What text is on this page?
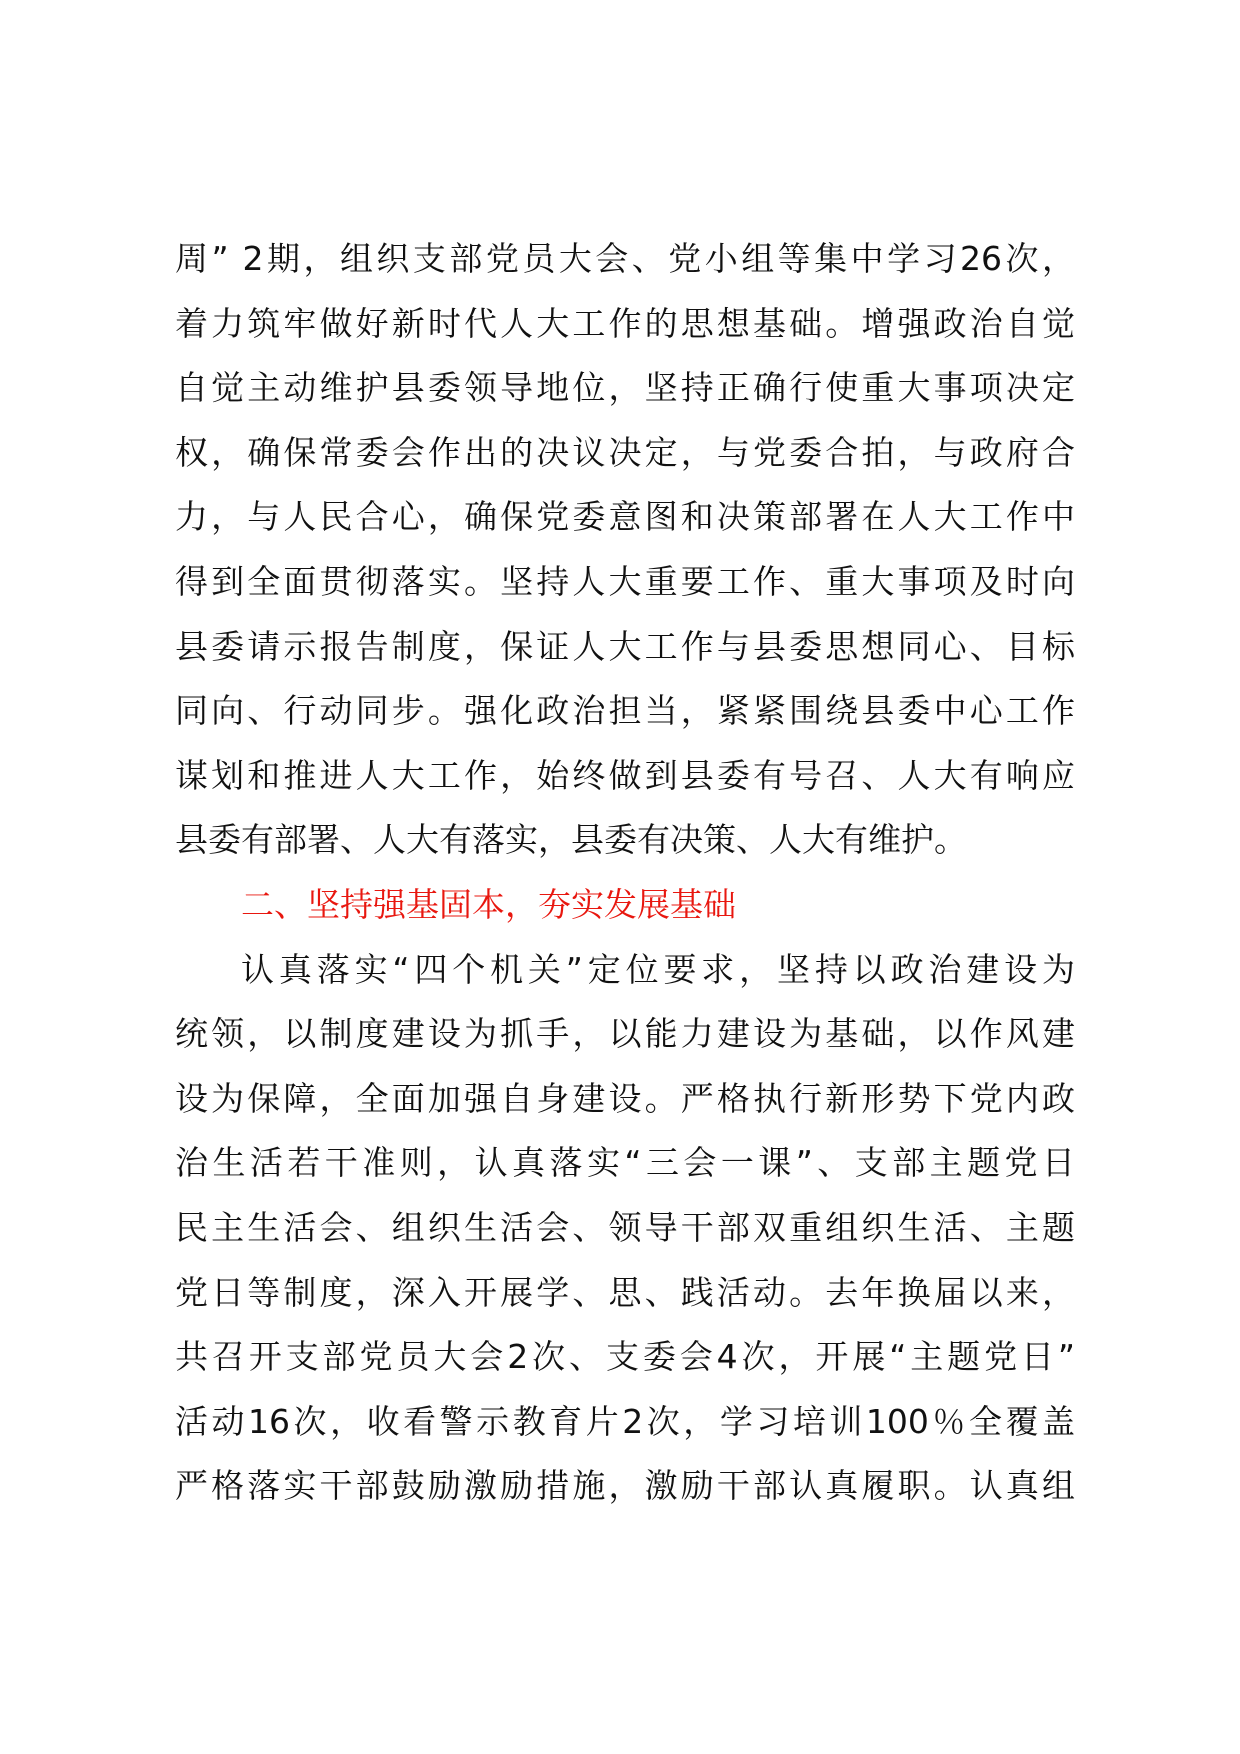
周” 2期，组织支部党员大会、党小组等集中学习26次，
着力筑牢做好新时代人大工作的思想基础。增强政治自觉
自觉主动维护县委领导地位，坚持正确行使重大事项决定
权，确保常委会作出的决议决定，与党委合拍，与政府合
力，与人民合心，确保党委意图和决策部署在人大工作中
得到全面贯彻落实。坚持人大重要工作、重大事项及时向
县委请示报告制度，保证人大工作与县委思想同心、目标
同向、行动同步。强化政治担当，紧紧围绕县委中心工作
谋划和推进人大工作，始终做到县委有号召、人大有响应
县委有部署、人大有落实，县委有决策、人大有维护。
二、坚持强基固本，夯实发展基础
认真落实“四个机关”定位要求，坚持以政治建设为
统领，以制度建设为抓手，以能力建设为基础，以作风建
设为保障，全面加强自身建设。严格执行新形势下党内政
治生活若干准则，认真落实“三会一课”、支部主题党日
民主生活会、组织生活会、领导干部双重组织生活、主题
党日等制度，深入开展学、思、践活动。去年换届以来，
共召开支部党员大会2次、支委会4次，开展“主题党日”
活动16次，收看警示教育片2次，学习培训100％全覆盖
严格落实干部鼓励激励措施，激励干部认真履职。认真组
